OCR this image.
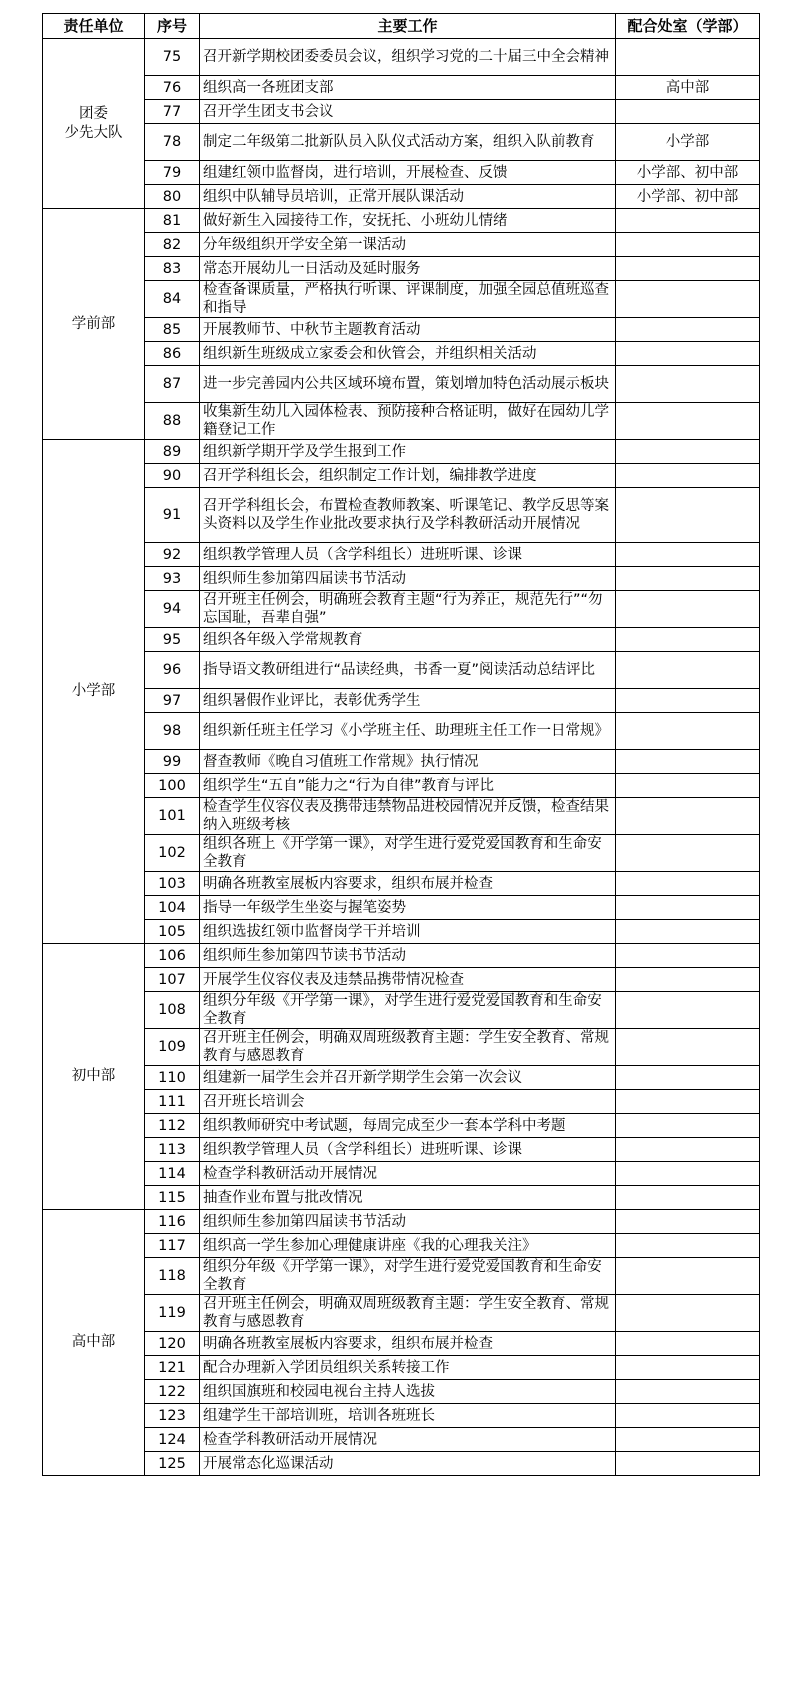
责任单位	序号	主要工作	配合处室（学部）

团委
少先大队	75	召开新学期校团委委员会议，组织学习党的二十届三中全会精神	
	76	组织高一各班团支部	高中部
	77	召开学生团支书会议	
	78	制定二年级第二批新队员入队仪式活动方案，组织入队前教育	小学部
	79	组建红领巾监督岗，进行培训，开展检查、反馈	小学部、初中部
	80	组织中队辅导员培训，正常开展队课活动	小学部、初中部

学前部	81	做好新生入园接待工作，安抚托、小班幼儿情绪	
	82	分年级组织开学安全第一课活动	
	83	常态开展幼儿一日活动及延时服务	
	84	检查备课质量，严格执行听课、评课制度，加强全园总值班巡查和指导	
	85	开展教师节、中秋节主题教育活动	
	86	组织新生班级成立家委会和伙管会，并组织相关活动	
	87	进一步完善园内公共区域环境布置，策划增加特色活动展示板块	
	88	收集新生幼儿入园体检表、预防接种合格证明，做好在园幼儿学籍登记工作	

小学部	89	组织新学期开学及学生报到工作	
	90	召开学科组长会，组织制定工作计划，编排教学进度	
	91	召开学科组长会，布置检查教师教案、听课笔记、教学反思等案头资料以及学生作业批改要求执行及学科教研活动开展情况	
	92	组织教学管理人员（含学科组长）进班听课、诊课	
	93	组织师生参加第四届读书节活动	
	94	召开班主任例会，明确班会教育主题“行为养正，规范先行”“勿忘国耻，吾辈自强”	
	95	组织各年级入学常规教育	
	96	指导语文教研组进行“品读经典，书香一夏”阅读活动总结评比	
	97	组织暑假作业评比，表彰优秀学生	
	98	组织新任班主任学习《小学班主任、助理班主任工作一日常规》	
	99	督查教师《晚自习值班工作常规》执行情况	
	100	组织学生“五自”能力之“行为自律”教育与评比	
	101	检查学生仪容仪表及携带违禁物品进校园情况并反馈，检查结果纳入班级考核	
	102	组织各班上《开学第一课》，对学生进行爱党爱国教育和生命安全教育	
	103	明确各班教室展板内容要求，组织布展并检查	
	104	指导一年级学生坐姿与握笔姿势	
	105	组织选拔红领巾监督岗学干并培训	

初中部	106	组织师生参加第四节读书节活动	
	107	开展学生仪容仪表及违禁品携带情况检查	
	108	组织分年级《开学第一课》，对学生进行爱党爱国教育和生命安全教育	
	109	召开班主任例会，明确双周班级教育主题：学生安全教育、常规教育与感恩教育	
	110	组建新一届学生会并召开新学期学生会第一次会议	
	111	召开班长培训会	
	112	组织教师研究中考试题，每周完成至少一套本学科中考题	
	113	组织教学管理人员（含学科组长）进班听课、诊课	
	114	检查学科教研活动开展情况	
	115	抽查作业布置与批改情况	

高中部	116	组织师生参加第四届读书节活动	
	117	组织高一学生参加心理健康讲座《我的心理我关注》	
	118	组织分年级《开学第一课》，对学生进行爱党爱国教育和生命安全教育	
	119	召开班主任例会，明确双周班级教育主题：学生安全教育、常规教育与感恩教育	
	120	明确各班教室展板内容要求，组织布展并检查	
	121	配合办理新入学团员组织关系转接工作	
	122	组织国旗班和校园电视台主持人选拔	
	123	组建学生干部培训班，培训各班班长	
	124	检查学科教研活动开展情况	
	125	开展常态化巡课活动	
